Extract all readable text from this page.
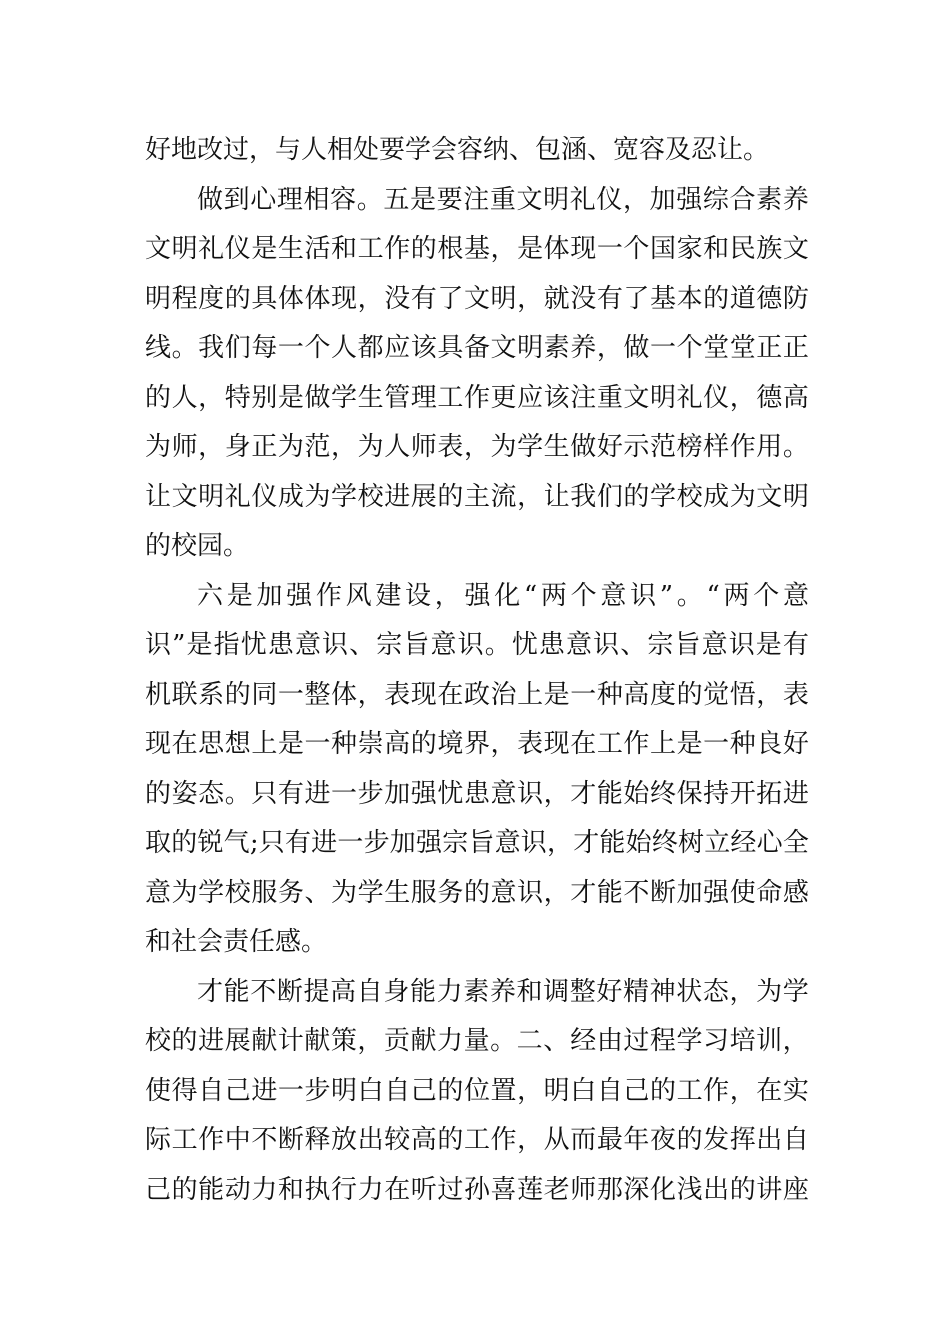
好地改过，与人相处要学会容纳、包涵、宽容及忍让。
做 到 心 理 相 容 。 五 是 要 注 重 文 明 礼 仪 ， 加 强 综 合 素 养
文 明 礼 仪 是 生 活 和 工 作 的 根 基 ， 是 体 现 一 个 国 家 和 民 族 文
明 程 度 的 具 体 体 现 ， 没 有 了 文 明 ， 就 没 有 了 基 本 的 道 德 防
线 。 我 们 每 一 个 人 都 应 该 具 备 文 明 素 养 ， 做 一 个 堂 堂 正 正
的 人 ， 特 别 是 做 学 生 管 理 工 作 更 应 该 注 重 文 明 礼 仪 ， 德 高
为 师 ， 身 正 为 范 ， 为 人 师 表 ， 为 学 生 做 好 示 范 榜 样 作 用 。
让 文 明 礼 仪 成 为 学 校 进 展 的 主 流 ， 让 我 们 的 学 校 成 为 文 明
的校园。
六 是 加 强 作 风 建 设 ， 强 化 “ 两 个 意 识 ” 。 “ 两 个 意
识 ” 是 指 忧 患 意 识 、 宗 旨 意 识 。 忧 患 意 识 、 宗 旨 意 识 是 有
机 联 系 的 同 一 整 体 ， 表 现 在 政 治 上 是 一 种 高 度 的 觉 悟 ， 表
现 在 思 想 上 是 一 种 崇 高 的 境 界 ， 表 现 在 工 作 上 是 一 种 良 好
的 姿 态 。 只 有 进 一 步 加 强 忧 患 意 识 ， 才 能 始 终 保 持 开 拓 进
取 的 锐 气 ; 只 有 进 一 步 加 强 宗 旨 意 识 ， 才 能 始 终 树 立 经 心 全
意 为 学 校 服 务 、 为 学 生 服 务 的 意 识 ， 才 能 不 断 加 强 使 命 感
和社会责任感。
才 能 不 断 提 高 自 身 能 力 素 养 和 调 整 好 精 神 状 态 ， 为 学
校 的 进 展 献 计 献 策 ， 贡 献 力 量 。 二 、 经 由 过 程 学 习 培 训 ，
使 得 自 己 进 一 步 明 白 自 己 的 位 置 ， 明 白 自 己 的 工 作 ， 在 实
际 工 作 中 不 断 释 放 出 较 高 的 工 作 ， 从 而 最 年 夜 的 发 挥 出 自
己 的 能 动 力 和 执 行 力 在 听 过 孙 喜 莲 老 师 那 深 化 浅 出 的 讲 座
